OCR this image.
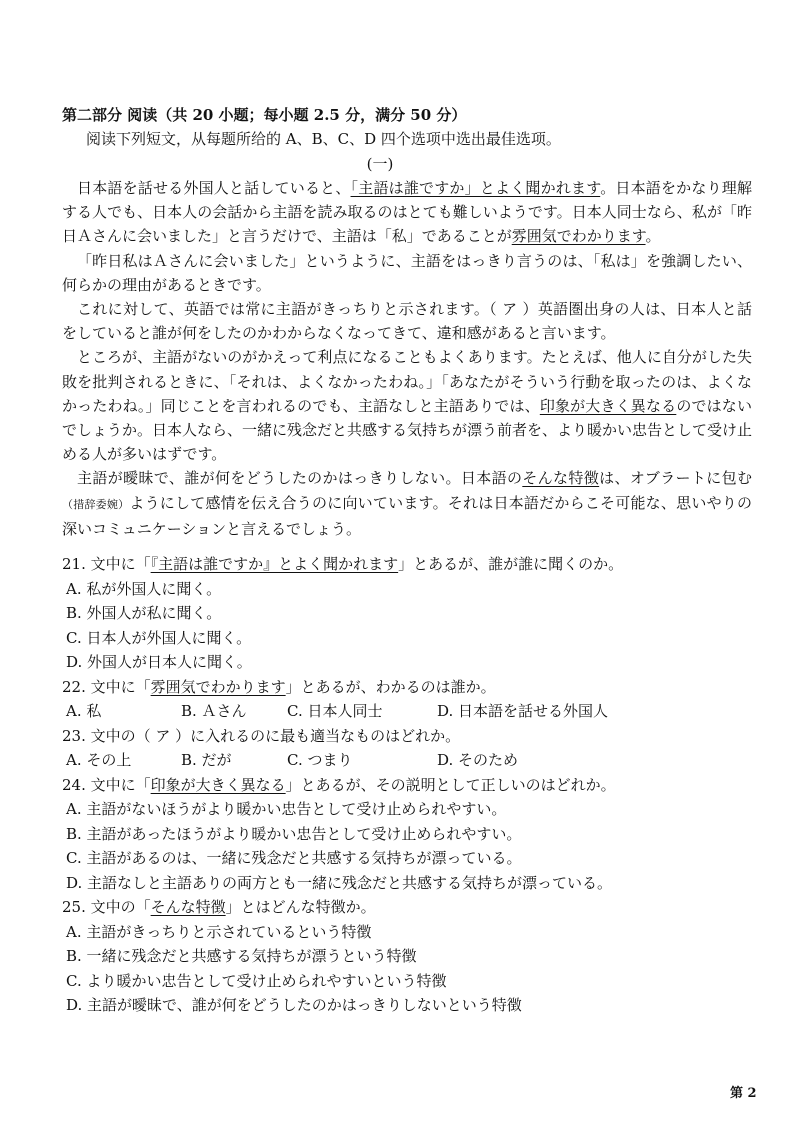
第二部分 阅读（共 20 小题；每小题 2.5 分，满分 50 分）
阅读下列短文，从每题所给的 A、B、C、D 四个选项中选出最佳选项。
(一)

日本語を話せる外国人と話していると、「主語は誰ですか」とよく聞かれます。日本語をかなり理解する人でも、日本人の会話から主語を読み取るのはとても難しいようです。日本人同士なら、私が「昨日Ａさんに会いました」と言うだけで、主語は「私」であることが雰囲気でわかります。

「昨日私はＡさんに会いました」というように、主語をはっきり言うのは、「私は」を強調したい、何らかの理由があるときです。

これに対して、英語では常に主語がきっちりと示されます。（ ア ）英語圏出身の人は、日本人と話をしていると誰が何をしたのかわからなくなってきて、違和感があると言います。

ところが、主語がないのがかえって利点になることもよくあります。たとえば、他人に自分がした失敗を批判されるときに、「それは、よくなかったわね。」「あなたがそういう行動を取ったのは、よくなかったわね。」同じことを言われるのでも、主語なしと主語ありでは、印象が大きく異なるのではないでしょうか。日本人なら、一緒に残念だと共感する気持ちが漂う前者を、より暖かい忠告として受け止める人が多いはずです。

主語が曖昧で、誰が何をどうしたのかはっきりしない。日本語のそんな特徴は、オブラートに包む（措辞委婉）ようにして感情を伝え合うのに向いています。それは日本語だからこそ可能な、思いやりの深いコミュニケーションと言えるでしょう。

21. 文中に「『主語は誰ですか』とよく聞かれます」とあるが、誰が誰に聞くのか。

A. 私が外国人に聞く。

B. 外国人が私に聞く。

C. 日本人が外国人に聞く。

D. 外国人が日本人に聞く。

22. 文中に「雰囲気でわかります」とあるが、わかるのは誰か。

A. 私	B. Ａさん	C. 日本人同士	D. 日本語を話せる外国人

23. 文中の（ ア ）に入れるのに最も適当なものはどれか。

A. その上	B. だが	C. つまり	D. そのため

24. 文中に「印象が大きく異なる」とあるが、その説明として正しいのはどれか。

A. 主語がないほうがより暖かい忠告として受け止められやすい。

B. 主語があったほうがより暖かい忠告として受け止められやすい。

C. 主語があるのは、一緒に残念だと共感する気持ちが漂っている。

D. 主語なしと主語ありの両方とも一緒に残念だと共感する気持ちが漂っている。

25. 文中の「そんな特徴」とはどんな特徴か。

A. 主語がきっちりと示されているという特徴

B. 一緒に残念だと共感する気持ちが漂うという特徴

C. より暖かい忠告として受け止められやすいという特徴

D. 主語が曖昧で、誰が何をどうしたのかはっきりしないという特徴

第 2
